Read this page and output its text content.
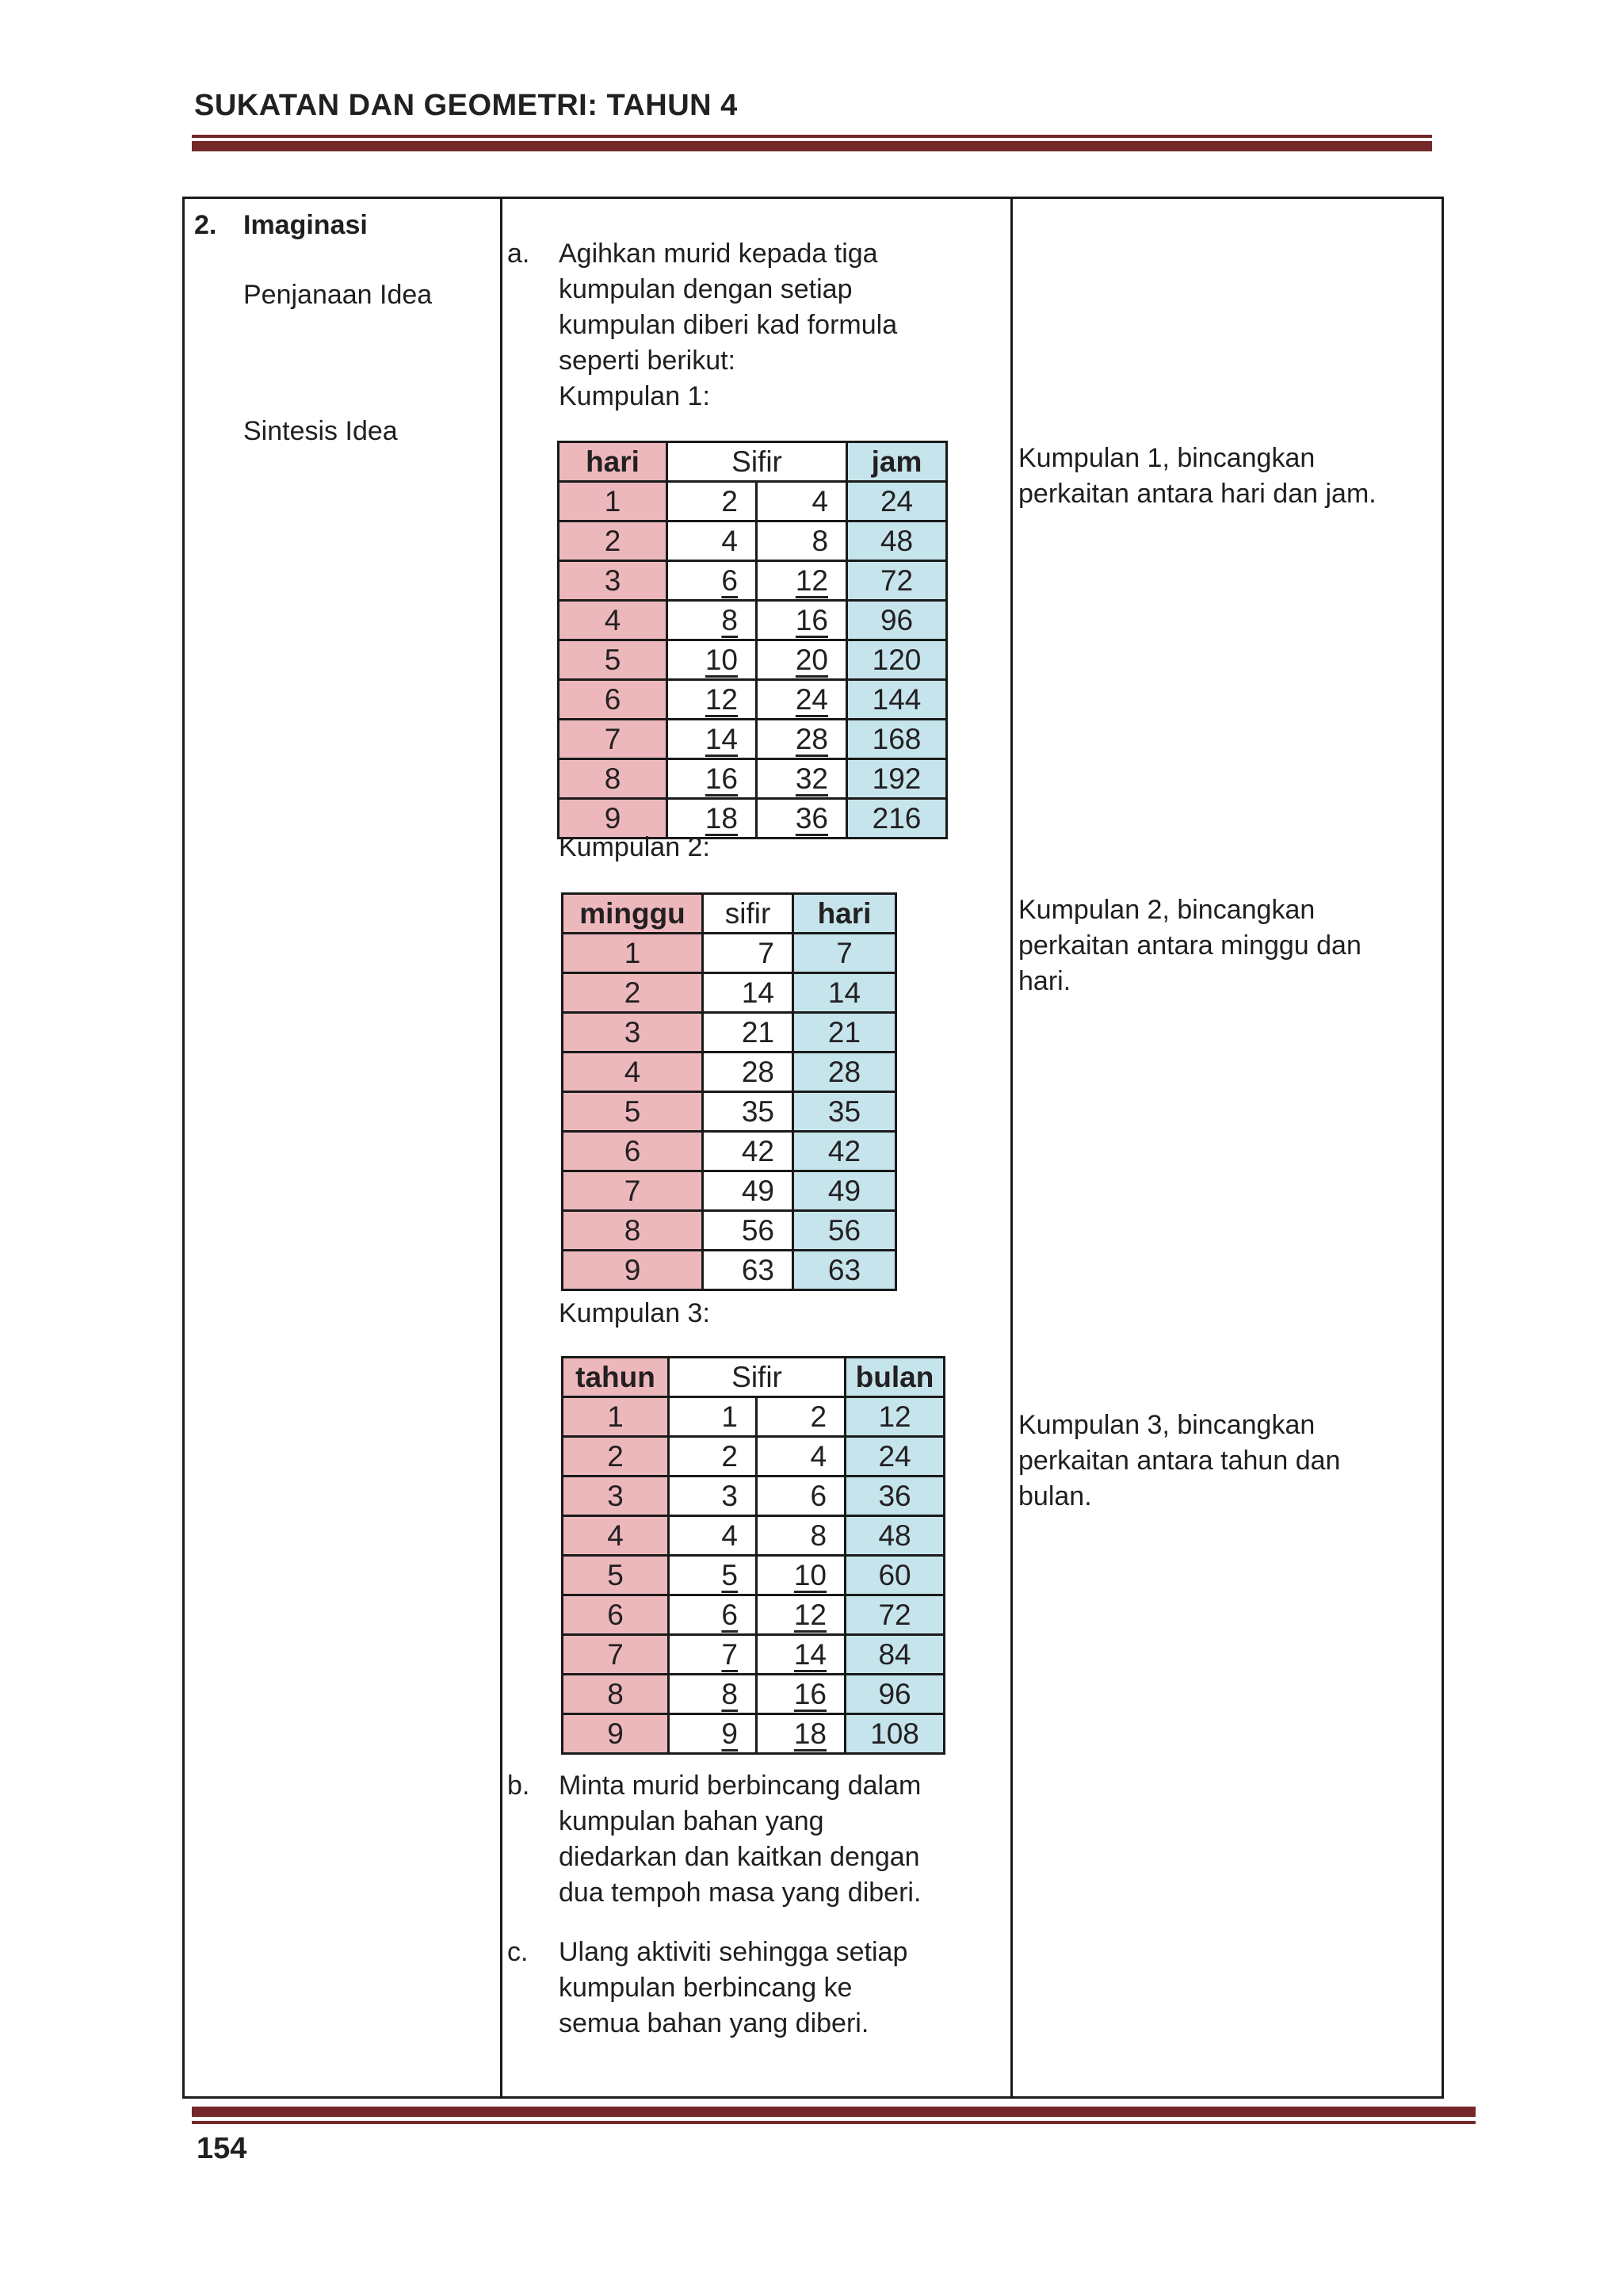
SUKATAN DAN GEOMETRI: TAHUN 4
2. Imaginasi
Penjanaan Idea
Sintesis Idea
a.	Agihkan murid kepada tiga
kumpulan dengan setiap
kumpulan diberi kad formula
seperti berikut:
Kumpulan 1:
hari	Sifir		jam
1	2	4	24
2	4	8	48
3	6	12	72
4	8	16	96
5	10	20	120
6	12	24	144
7	14	28	168
8	16	32	192
9	18	36	216
Kumpulan 2:
minggu	sifir	hari
1	7	7
2	14	14
3	21	21
4	28	28
5	35	35
6	42	42
7	49	49
8	56	56
9	63	63
Kumpulan 3:
tahun	Sifir		bulan
1	1	2	12
2	2	4	24
3	3	6	36
4	4	8	48
5	5	10	60
6	6	12	72
7	7	14	84
8	8	16	96
9	9	18	108
b.	Minta murid berbincang dalam
kumpulan bahan yang
diedarkan dan kaitkan dengan
dua tempoh masa yang diberi.
c.	Ulang aktiviti sehingga setiap
kumpulan berbincang ke
semua bahan yang diberi.
Kumpulan 1, bincangkan
perkaitan antara hari dan jam.
Kumpulan 2, bincangkan
perkaitan antara minggu dan
hari.
Kumpulan 3, bincangkan
perkaitan antara tahun dan
bulan.
154
